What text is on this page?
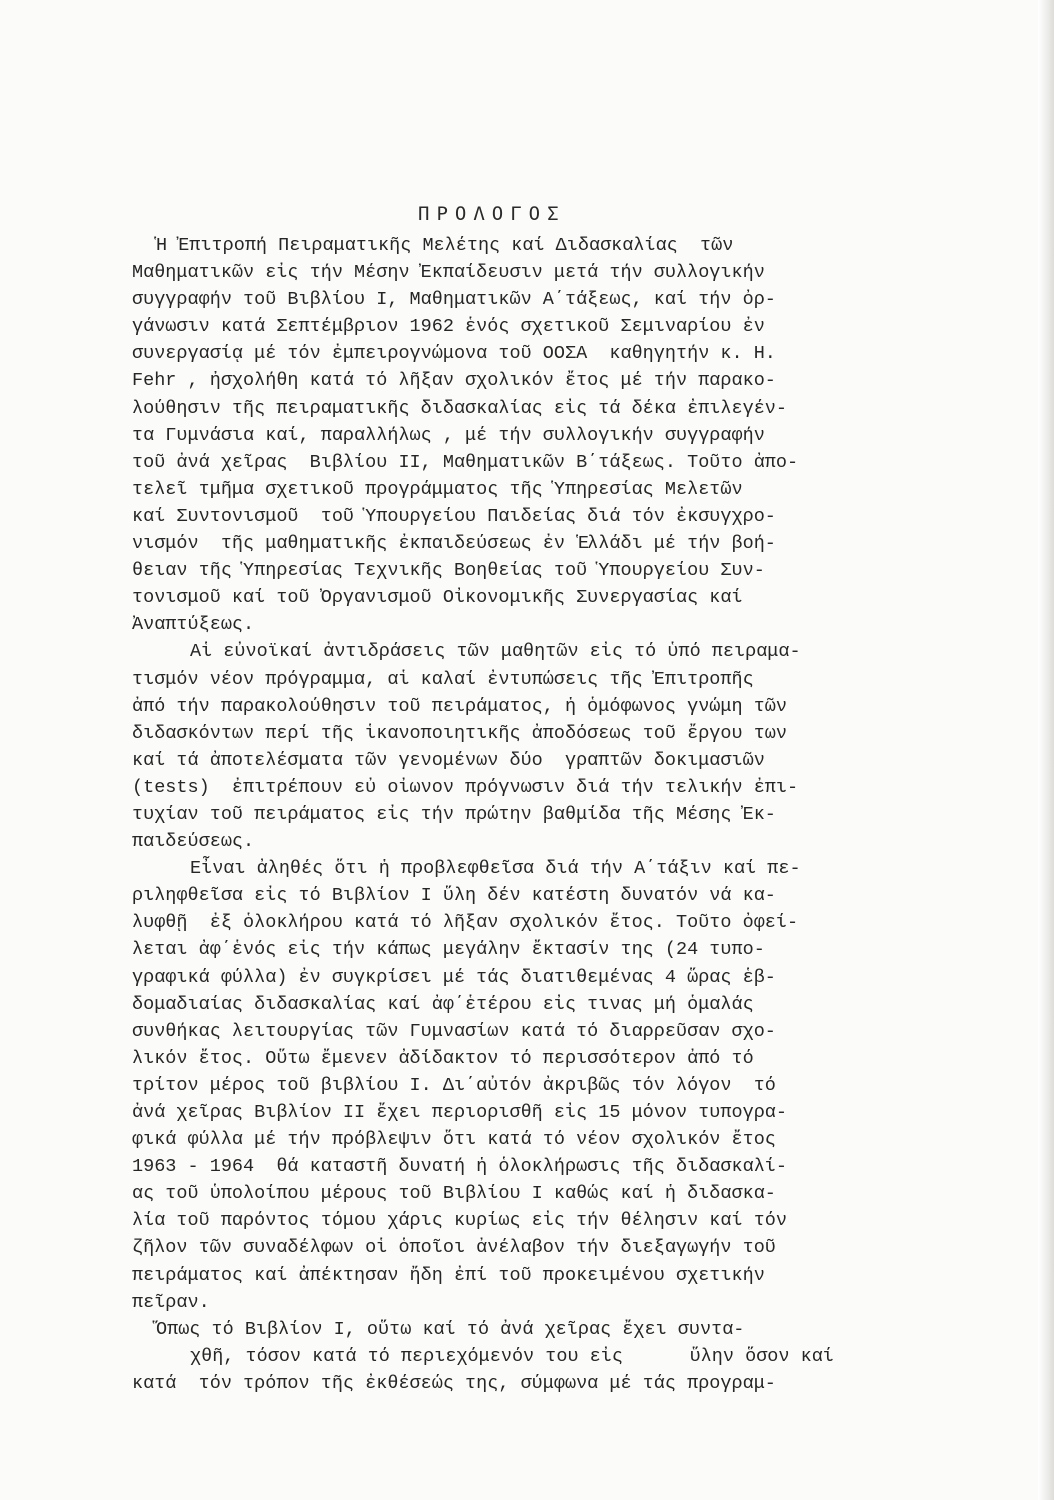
ΠΡΟΛΟΓΟΣ
Ἡ Ἐπιτροπή Πειραματικῆς Μελέτης καί Διδασκαλίας  τῶν
Μαθηματικῶν εἰς τήν Μέσην Ἐκπαίδευσιν μετά τήν συλλογικήν
συγγραφήν τοῦ Βιβλίου Ι, Μαθηματικῶν Α΄τάξεως, καί τήν ὀρ-
γάνωσιν κατά Σεπτέμβριον 1962 ἑνός σχετικοῦ Σεμιναρίου ἐν
συνεργασίᾳ μέ τόν ἐμπειρογνώμονα τοῦ ΟΟΣΑ  καθηγητήν κ. Η.
Fehr , ἠσχολήθη κατά τό λῆξαν σχολικόν ἔτος μέ τήν παρακο-
λούθησιν τῆς πειραματικῆς διδασκαλίας εἰς τά δέκα ἐπιλεγέν-
τα Γυμνάσια καί, παραλλήλως , μέ τήν συλλογικήν συγγραφήν
τοῦ ἀνά χεῖρας  Βιβλίου ΙΙ, Μαθηματικῶν Β΄τάξεως. Τοῦτο ἀπο-
τελεῖ τμῆμα σχετικοῦ προγράμματος τῆς Ὑπηρεσίας Μελετῶν
καί Συντονισμοῦ  τοῦ Ὑπουργείου Παιδείας διά τόν ἐκσυγχρο-
νισμόν  τῆς μαθηματικῆς ἐκπαιδεύσεως ἐν Ἑλλάδι μέ τήν βοή-
θειαν τῆς Ὑπηρεσίας Τεχνικῆς Βοηθείας τοῦ Ὑπουργείου Συν-
τονισμοῦ καί τοῦ Ὀργανισμοῦ Οἰκονομικῆς Συνεργασίας καί
Ἀναπτύξεως.
Αἱ εὐνοϊκαί ἀντιδράσεις τῶν μαθητῶν εἰς τό ὑπό πειραμα-
τισμόν νέον πρόγραμμα, αἱ καλαί ἐντυπώσεις τῆς Ἐπιτροπῆς
ἀπό τήν παρακολούθησιν τοῦ πειράματος, ἡ ὁμόφωνος γνώμη τῶν
διδασκόντων περί τῆς ἱκανοποιητικῆς ἀποδόσεως τοῦ ἔργου των
καί τά ἀποτελέσματα τῶν γενομένων δύο  γραπτῶν δοκιμασιῶν
(tests)  ἐπιτρέπουν εὐ οἰωνον πρόγνωσιν διά τήν τελικήν ἐπι-
τυχίαν τοῦ πειράματος εἰς τήν πρώτην βαθμίδα τῆς Μέσης Ἐκ-
παιδεύσεως.
Εἶναι ἀληθές ὅτι ἡ προβλεφθεῖσα διά τήν Α΄τάξιν καί πε-
ριληφθεῖσα εἰς τό Βιβλίον Ι ὕλη δέν κατέστη δυνατόν νά κα-
λυφθῇ  ἐξ ὁλοκλήρου κατά τό λῆξαν σχολικόν ἔτος. Τοῦτο ὀφεί-
λεται ἀφ΄ἑνός εἰς τήν κάπως μεγάλην ἔκτασίν της (24 τυπο-
γραφικά φύλλα) ἐν συγκρίσει μέ τάς διατιθεμένας 4 ὥρας ἑβ-
δομαδιαίας διδασκαλίας καί ἀφ΄ἑτέρου εἰς τινας μή ὁμαλάς
συνθήκας λειτουργίας τῶν Γυμνασίων κατά τό διαρρεῦσαν σχο-
λικόν ἔτος. Οὕτω ἔμενεν ἀδίδακτον τό περισσότερον ἀπό τό
τρίτον μέρος τοῦ βιβλίου Ι. Δι΄αὐτόν ἀκριβῶς τόν λόγον  τό
ἀνά χεῖρας Βιβλίον ΙΙ ἔχει περιορισθῆ εἰς 15 μόνον τυπογρα-
φικά φύλλα μέ τήν πρόβλεψιν ὅτι κατά τό νέον σχολικόν ἔτος
1963 - 1964  θά καταστῆ δυνατή ἡ ὁλοκλήρωσις τῆς διδασκαλί-
ας τοῦ ὑπολοίπου μέρους τοῦ Βιβλίου Ι καθώς καί ἡ διδασκα-
λία τοῦ παρόντος τόμου χάρις κυρίως εἰς τήν θέλησιν καί τόν
ζῆλον τῶν συναδέλφων οἱ ὁποῖοι ἀνέλαβον τήν διεξαγωγήν τοῦ
πειράματος καί ἀπέκτησαν ἤδη ἐπί τοῦ προκειμένου σχετικήν
πεῖραν.
Ὅπως τό Βιβλίον Ι, οὕτω καί τό ἀνά χεῖρας ἔχει συντα-
χθῆ, τόσον κατά τό περιεχόμενόν του εἰς      ὕλην ὅσον καί
κατά  τόν τρόπον τῆς ἐκθέσεώς της, σύμφωνα μέ τάς προγραμ-
